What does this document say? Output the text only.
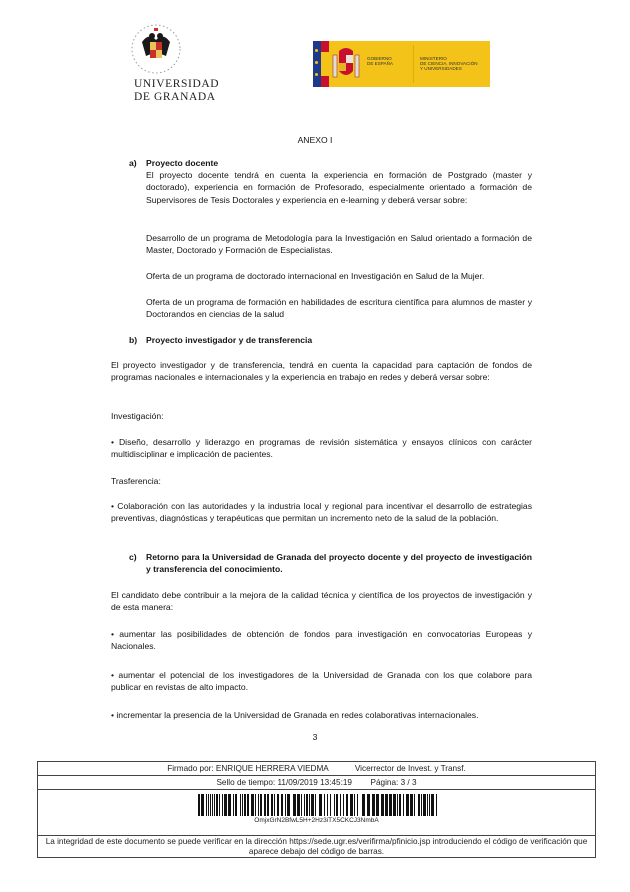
UNIVERSIDAD
DE GRANADA
GOBIERNO
DE ESPAÑA
MINISTERIO
DE CIENCIA, INNOVACIÓN
Y UNIVERSIDADES
ANEXO I
a) Proyecto docente
El proyecto docente tendrá en cuenta la experiencia en formación de Postgrado (master y doctorado), experiencia en formación de Profesorado, especialmente orientado a formación de Supervisores de Tesis Doctorales y experiencia en e-learning y deberá versar sobre:
Desarrollo de un programa de Metodología para la Investigación en Salud orientado a formación de Master, Doctorado y Formación de Especialistas.
Oferta de un programa de doctorado internacional en Investigación en Salud de la Mujer.
Oferta de un programa de formación en habilidades de escritura científica para alumnos de master y Doctorandos en ciencias de la salud
b) Proyecto investigador y de transferencia
El proyecto investigador y de transferencia, tendrá en cuenta la capacidad para captación de fondos de programas nacionales e internacionales y la experiencia en trabajo en redes y deberá versar sobre:
Investigación:
• Diseño, desarrollo y liderazgo en programas de revisión sistemática y ensayos clínicos con carácter multidisciplinar e implicación de pacientes.
Trasferencia:
• Colaboración con las autoridades y la industria local y regional para incentivar el desarrollo de estrategias preventivas, diagnósticas y terapéuticas que permitan un incremento neto de la salud de la población.
c) Retorno para la Universidad de Granada del proyecto docente y del proyecto de investigación y transferencia del conocimiento.
El candidato debe contribuir a la mejora de la calidad técnica y científica de los proyectos de investigación y de esta manera:
• aumentar las posibilidades de obtención de fondos para investigación en convocatorias Europeas y Nacionales.
• aumentar el potencial de los investigadores de la Universidad de Granada con los que colabore para publicar en revistas de alto impacto.
• incrementar la presencia de la Universidad de Granada en redes colaborativas internacionales.
3
Firmado por: ENRIQUE HERRERA VIEDMA	Vicerrector de Invest. y Transf.
Sello de tiempo: 11/09/2019 13:45:19 Página: 3 / 3
OmjxGrN2BfwL5H+2Hz3iTX5CKCJ3NmbA
La integridad de este documento se puede verificar en la dirección https://sede.ugr.es/verifirma/pfinicio.jsp introduciendo el código de verificación que aparece debajo del código de barras.
